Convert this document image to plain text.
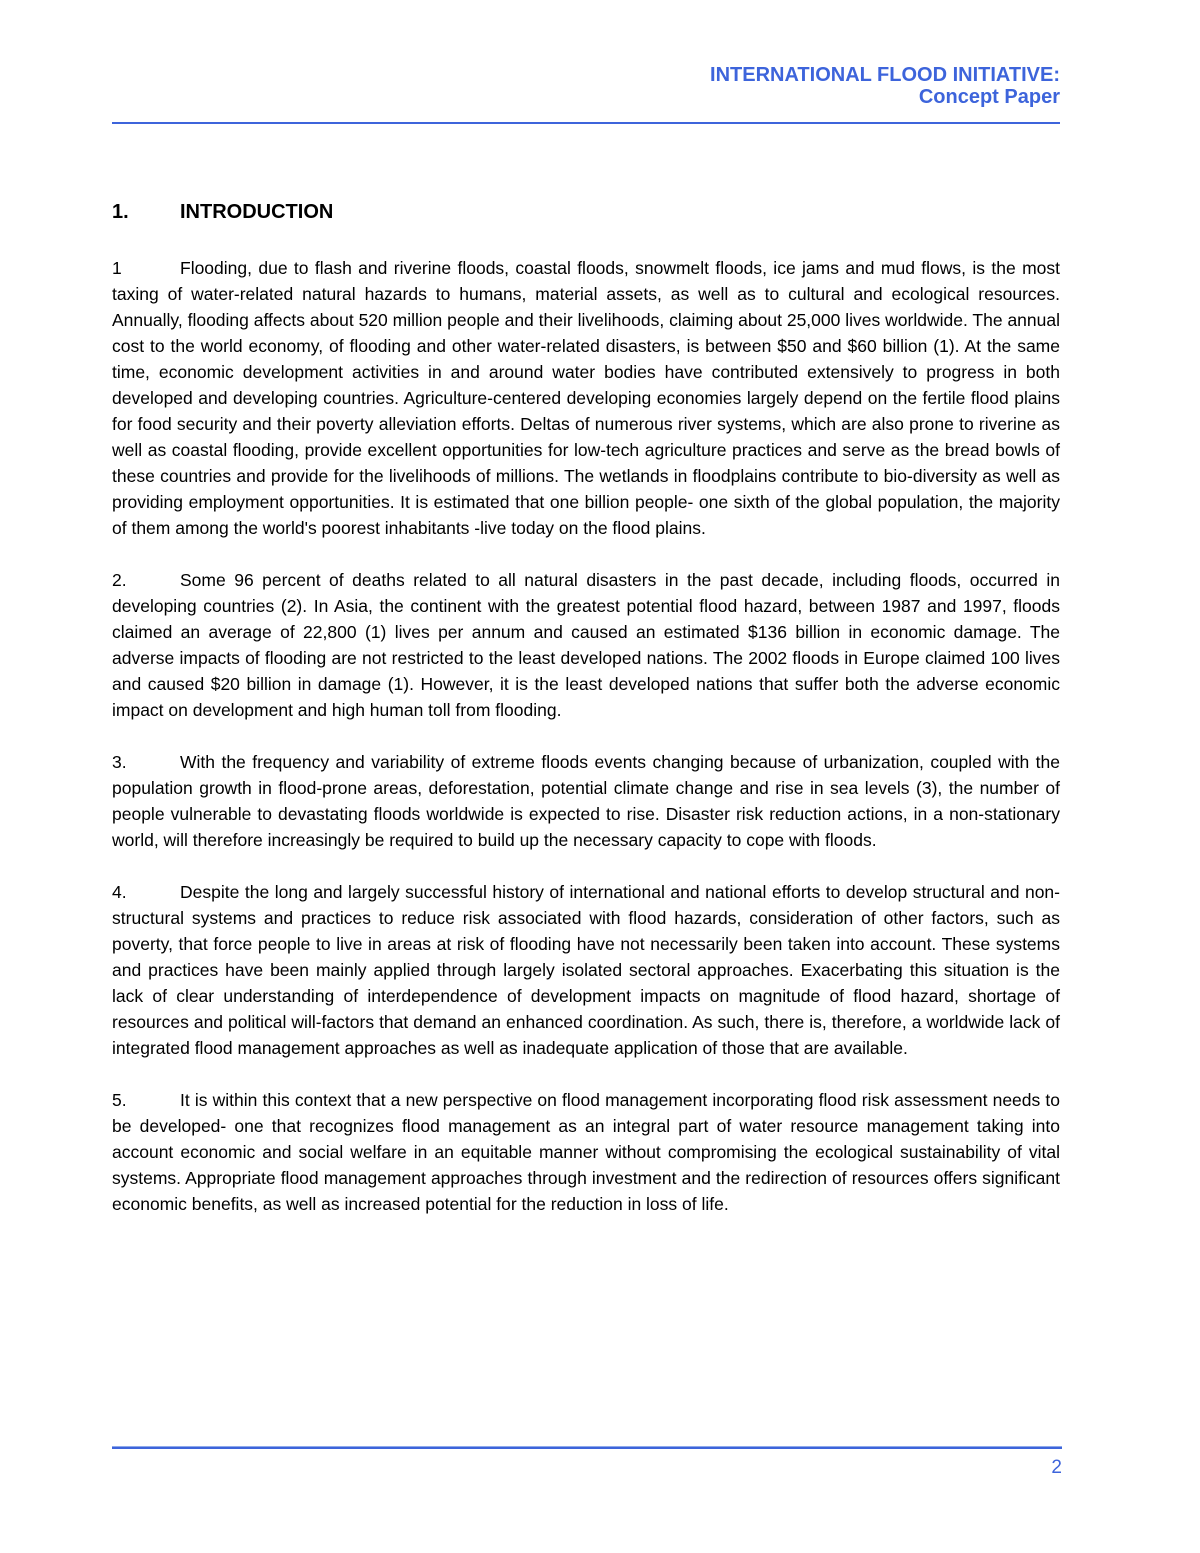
INTERNATIONAL FLOOD INITIATIVE:
Concept Paper
1.	INTRODUCTION

1	Flooding, due to flash and riverine floods, coastal floods, snowmelt floods, ice jams and mud flows, is the most taxing of water-related natural hazards to humans, material assets, as well as to cultural and ecological resources. Annually, flooding affects about 520 million people and their livelihoods, claiming about 25,000 lives worldwide. The annual cost to the world economy, of flooding and other water-related disasters, is between $50 and $60 billion (1). At the same time, economic development activities in and around water bodies have contributed extensively to progress in both developed and developing countries. Agriculture-centered developing economies largely depend on the fertile flood plains for food security and their poverty alleviation efforts. Deltas of numerous river systems, which are also prone to riverine as well as coastal flooding, provide excellent opportunities for low-tech agriculture practices and serve as the bread bowls of these countries and provide for the livelihoods of millions. The wetlands in floodplains contribute to bio-diversity as well as providing employment opportunities. It is estimated that one billion people- one sixth of the global population, the majority of them among the world's poorest inhabitants -live today on the flood plains.

2.	Some 96 percent of deaths related to all natural disasters in the past decade, including floods, occurred in developing countries (2). In Asia, the continent with the greatest potential flood hazard, between 1987 and 1997, floods claimed an average of 22,800 (1) lives per annum and caused an estimated $136 billion in economic damage. The adverse impacts of flooding are not restricted to the least developed nations. The 2002 floods in Europe claimed 100 lives and caused $20 billion in damage (1). However, it is the least developed nations that suffer both the adverse economic impact on development and high human toll from flooding.

3.	With the frequency and variability of extreme floods events changing because of urbanization, coupled with the population growth in flood-prone areas, deforestation, potential climate change and rise in sea levels (3), the number of people vulnerable to devastating floods worldwide is expected to rise. Disaster risk reduction actions, in a non-stationary world, will therefore increasingly be required to build up the necessary capacity to cope with floods.

4.	Despite the long and largely successful history of international and national efforts to develop structural and non-structural systems and practices to reduce risk associated with flood hazards, consideration of other factors, such as poverty, that force people to live in areas at risk of flooding have not necessarily been taken into account. These systems and practices have been mainly applied through largely isolated sectoral approaches. Exacerbating this situation is the lack of clear understanding of interdependence of development impacts on magnitude of flood hazard, shortage of resources and political will-factors that demand an enhanced coordination. As such, there is, therefore, a worldwide lack of integrated flood management approaches as well as inadequate application of those that are available.

5.	It is within this context that a new perspective on flood management incorporating flood risk assessment needs to be developed- one that recognizes flood management as an integral part of water resource management taking into account economic and social welfare in an equitable manner without compromising the ecological sustainability of vital systems. Appropriate flood management approaches through investment and the redirection of resources offers significant economic benefits, as well as increased potential for the reduction in loss of life.

2
